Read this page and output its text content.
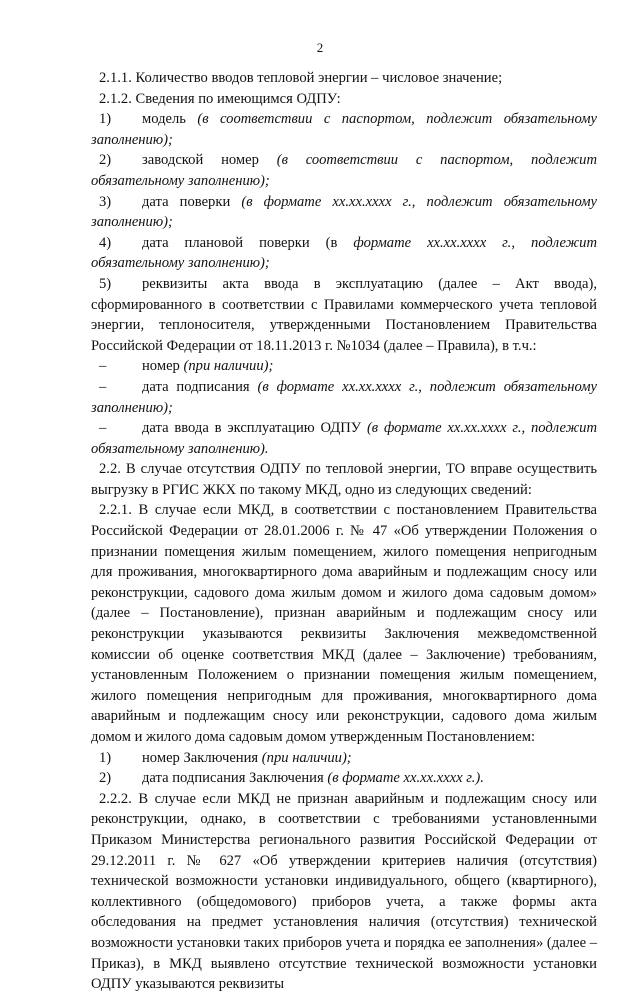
2

2.1.1. Количество вводов тепловой энергии – числовое значение;

2.1.2. Сведения по имеющимся ОДПУ:

1) модель (в соответствии с паспортом, подлежит обязательному заполнению);

2) заводской номер (в соответствии с паспортом, подлежит обязательному заполнению);

3) дата поверки (в формате хх.хх.хххх г., подлежит обязательному заполнению);

4) дата плановой поверки (в формате хх.хх.хххх г., подлежит обязательному заполнению);

5) реквизиты акта ввода в эксплуатацию (далее – Акт ввода), сформированного в соответствии с Правилами коммерческого учета тепловой энергии, теплоносителя, утвержденными Постановлением Правительства Российской Федерации от 18.11.2013 г. №1034 (далее – Правила), в т.ч.:

– номер (при наличии);

– дата подписания (в формате хх.хх.хххх г., подлежит обязательному заполнению);

– дата ввода в эксплуатацию ОДПУ (в формате хх.хх.хххх г., подлежит обязательному заполнению).

2.2. В случае отсутствия ОДПУ по тепловой энергии, ТО вправе осуществить выгрузку в РГИС ЖКХ по такому МКД, одно из следующих сведений:

2.2.1. В случае если МКД, в соответствии с постановлением Правительства Российской Федерации от 28.01.2006 г. № 47 «Об утверждении Положения о признании помещения жилым помещением, жилого помещения непригодным для проживания, многоквартирного дома аварийным и подлежащим сносу или реконструкции, садового дома жилым домом и жилого дома садовым домом» (далее – Постановление), признан аварийным и подлежащим сносу или реконструкции указываются реквизиты Заключения межведомственной комиссии об оценке соответствия МКД (далее – Заключение) требованиям, установленным Положением о признании помещения жилым помещением, жилого помещения непригодным для проживания, многоквартирного дома аварийным и подлежащим сносу или реконструкции, садового дома жилым домом и жилого дома садовым домом утвержденным Постановлением:

1) номер Заключения (при наличии);

2) дата подписания Заключения (в формате хх.хх.хххх г.).

2.2.2. В случае если МКД не признан аварийным и подлежащим сносу или реконструкции, однако, в соответствии с требованиями установленными Приказом Министерства регионального развития Российской Федерации от 29.12.2011 г. № 627 «Об утверждении критериев наличия (отсутствия) технической возможности установки индивидуального, общего (квартирного), коллективного (общедомового) приборов учета, а также формы акта обследования на предмет установления наличия (отсутствия) технической возможности установки таких приборов учета и порядка ее заполнения» (далее – Приказ), в МКД выявлено отсутствие технической возможности установки ОДПУ указываются реквизиты
